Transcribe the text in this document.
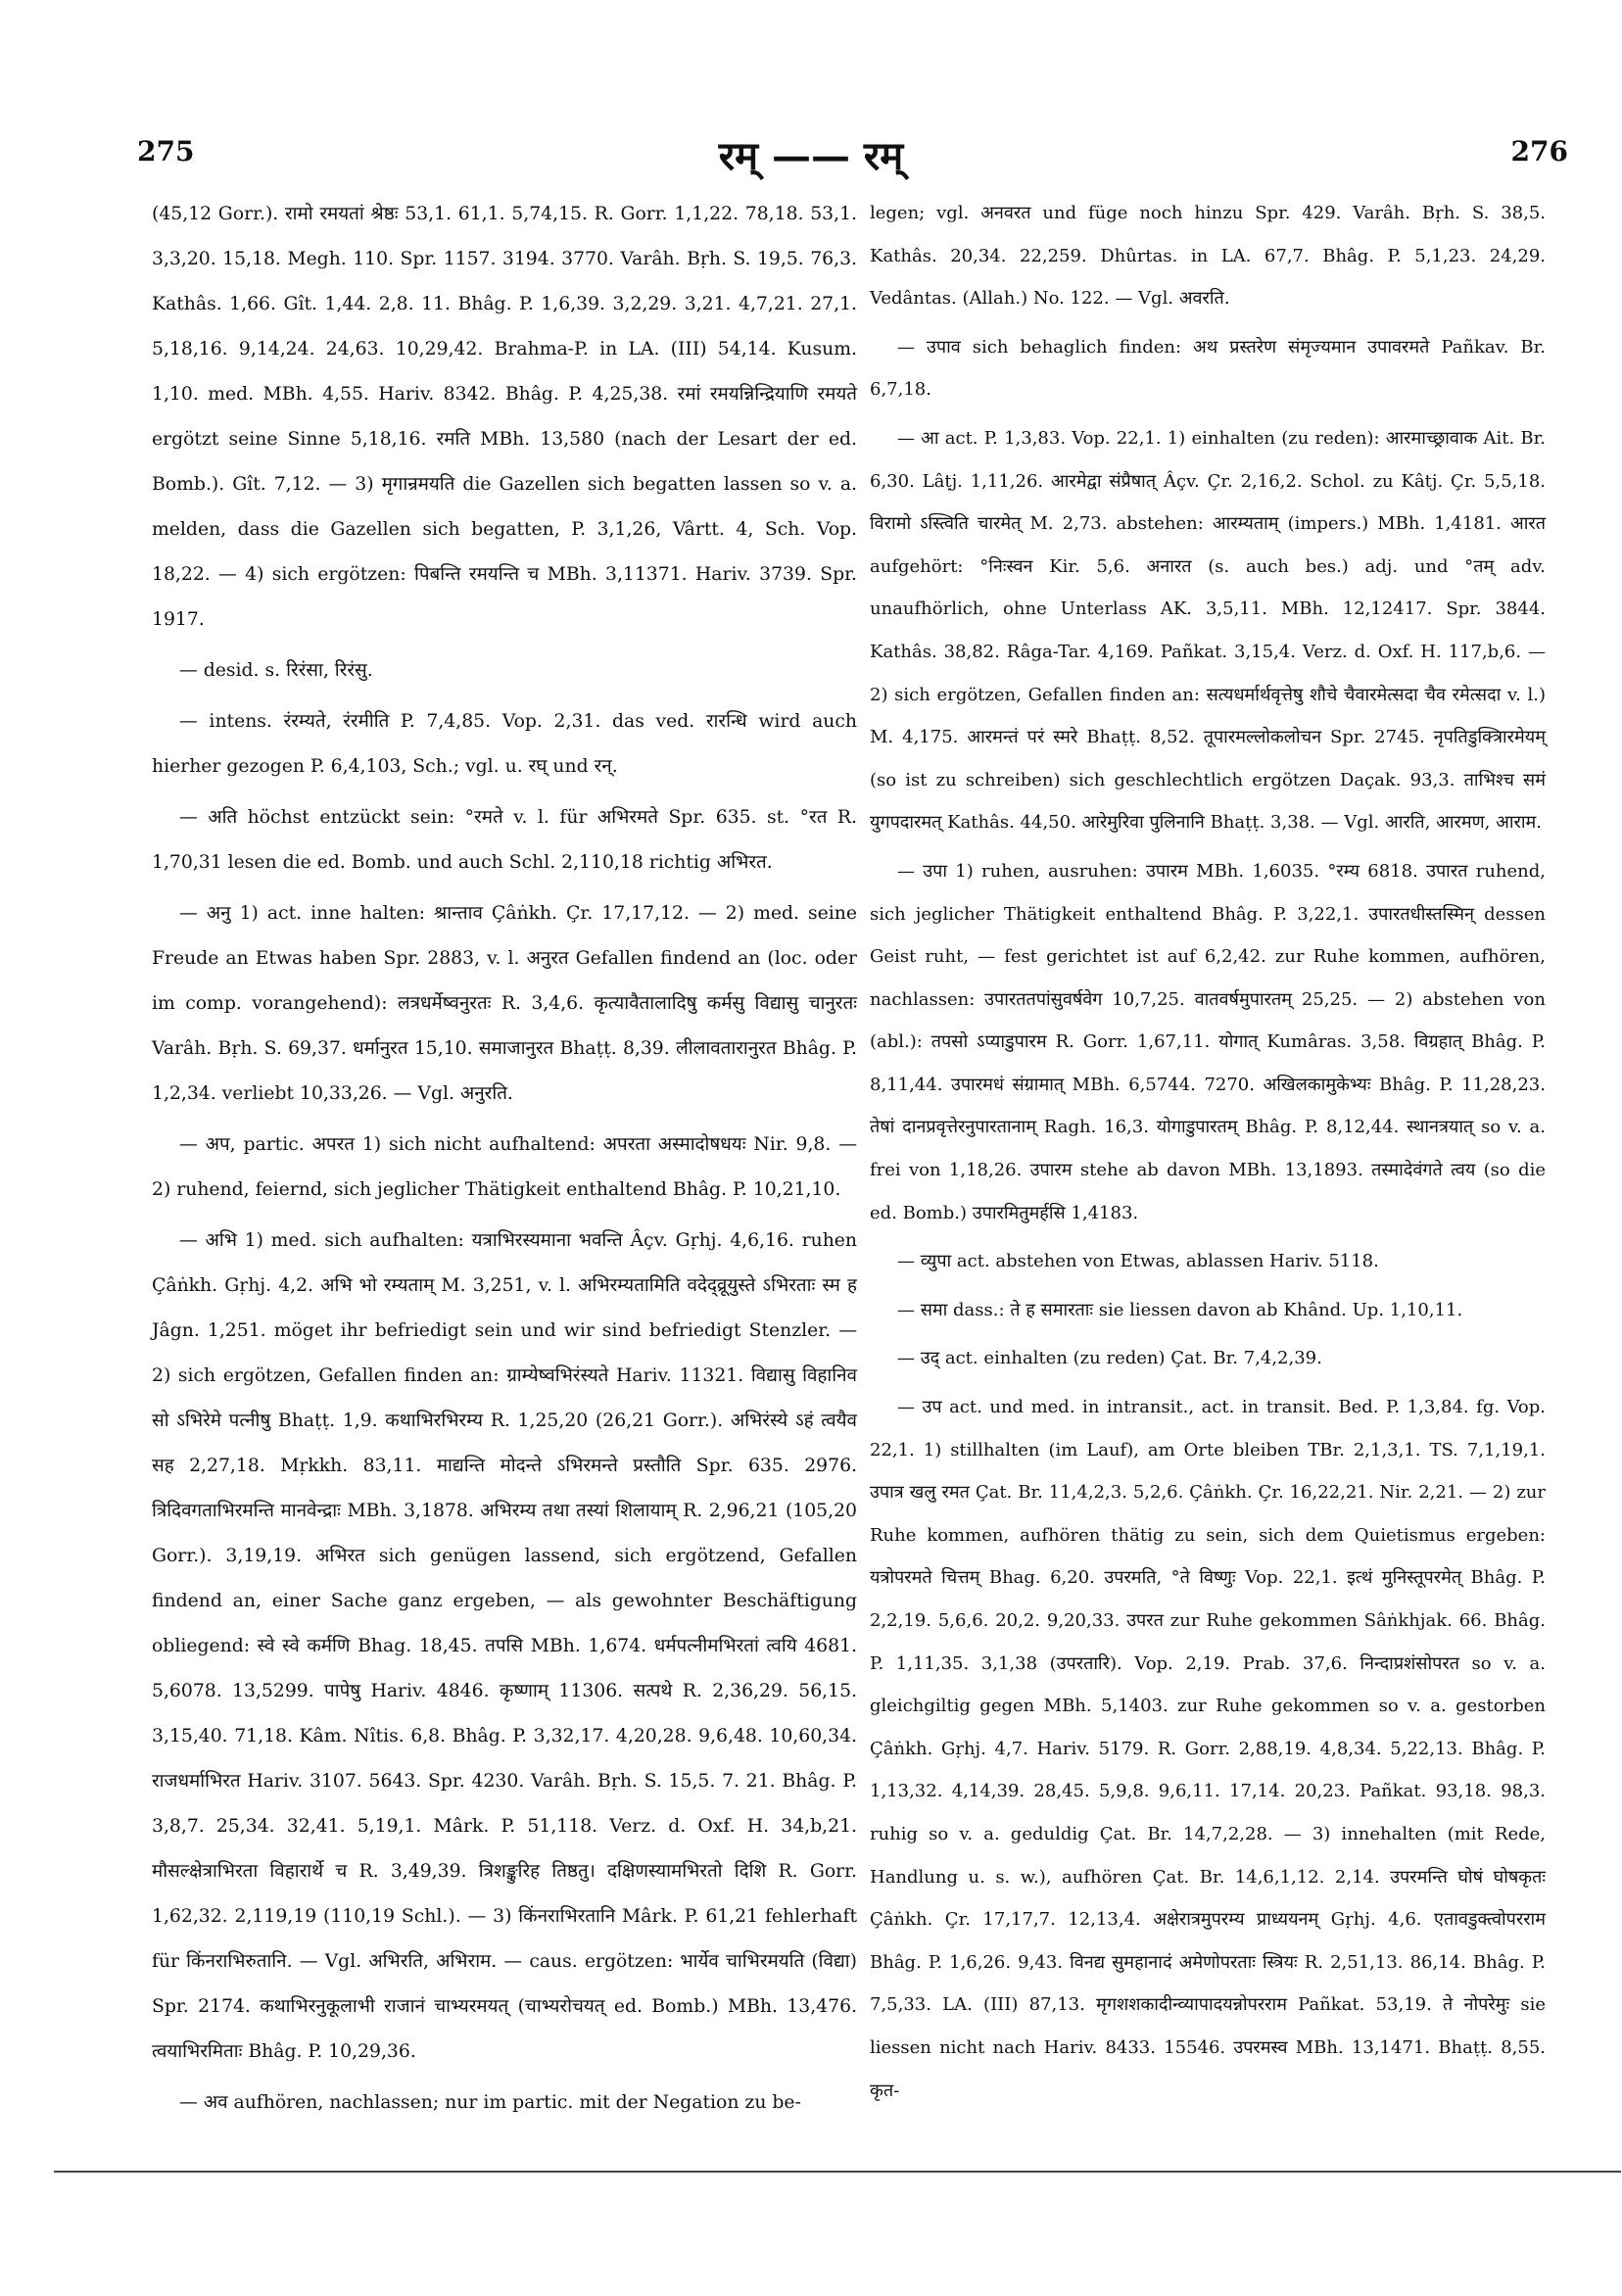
275	रम् —— रम्	276

(45,12 Gorr.). रामो रमयतां श्रेष्ठः 53,1. 61,1. 5,74,15. R. Gorr. 1,1,22. 78,18. 53,1. 3,3,20. 15,18. Megh. 110. Spr. 1157. 3194. 3770. Varâh. Bṛh. S. 19,5. 76,3. Kathâs. 1,66. Gît. 1,44. 2,8. 11. Bhâg. P. 1,6,39. 3,2,29. 3,21. 4,7,21. 27,1. 5,18,16. 9,14,24. 24,63. 10,29,42. Brahma-P. in LA. (III) 54,14. Kusum. 1,10. med. MBh. 4,55. Hariv. 8342. Bhâg. P. 4,25,38. रमां रमयन्निन्द्रियाणि रमयते ergötzt seine Sinne 5,18,16. रमति MBh. 13,580 (nach der Lesart der ed. Bomb.). Gît. 7,12. — 3) मृगान्रमयति die Gazellen sich begatten lassen so v. a. melden, dass die Gazellen sich begatten, P. 3,1,26, Vârtt. 4, Sch. Vop. 18,22. — 4) sich ergötzen: पिबन्ति रमयन्ति च MBh. 3,11371. Hariv. 3739. Spr. 1917.

— desid. s. रिरंसा, रिरंसु.

— intens. रंरम्यते, रंरमीति P. 7,4,85. Vop. 2,31. das ved. रारन्धि wird auch hierher gezogen P. 6,4,103, Sch.; vgl. u. रघ् und रन्.

— अति höchst entzückt sein: °रमते v. l. für अभिरमते Spr. 635. st. °रत R. 1,70,31 lesen die ed. Bomb. und auch Schl. 2,110,18 richtig अभिरत.

— अनु 1) act. inne halten: श्रान्ताव Çâṅkh. Çr. 17,17,12. — 2) med. seine Freude an Etwas haben Spr. 2883, v. l. अनुरत Gefallen findend an (loc. oder im comp. vorangehend): लत्रधर्मेष्वनुरतः R. 3,4,6. कृत्यावैतालादिषु कर्मसु विद्यासु चानुरतः Varâh. Bṛh. S. 69,37. धर्मानुरत 15,10. समाजानुरत Bhaṭṭ. 8,39. लीलावतारानुरत Bhâg. P. 1,2,34. verliebt 10,33,26. — Vgl. अनुरति.

— अप, partic. अपरत 1) sich nicht aufhaltend: अपरता अस्मादोषधयः Nir. 9,8. — 2) ruhend, feiernd, sich jeglicher Thätigkeit enthaltend Bhâg. P. 10,21,10.

— अभि 1) med. sich aufhalten: यत्राभिरस्यमाना भवन्ति Âçv. Gṛhj. 4,6,16. ruhen Çâṅkh. Gṛhj. 4,2. अभि भो रम्यताम् M. 3,251, v. l. अभिरम्यतामिति वदेद्व्रूयुस्ते ऽभिरताः स्म ह Jâgn. 1,251. möget ihr befriedigt sein und wir sind befriedigt Stenzler. — 2) sich ergötzen, Gefallen finden an: ग्राम्येष्वभिरंस्यते Hariv. 11321. विद्यासु विहानिव सो ऽभिरेमे पत्नीषु Bhaṭṭ. 1,9. कथाभिरभिरम्य R. 1,25,20 (26,21 Gorr.). अभिरंस्ये ऽहं त्वयैव सह 2,27,18. Mṛkkh. 83,11. माद्यन्ति मोदन्ते ऽभिरमन्ते प्रस्तौति Spr. 635. 2976. त्रिदिवगताभिरमन्ति मानवेन्द्राः MBh. 3,1878. अभिरम्य तथा तस्यां शिलायाम् R. 2,96,21 (105,20 Gorr.). 3,19,19. अभिरत sich genügen lassend, sich ergötzend, Gefallen findend an, einer Sache ganz ergeben, — als gewohnter Beschäftigung obliegend: स्वे स्वे कर्मणि Bhag. 18,45. तपसि MBh. 1,674. धर्मपत्नीमभिरतां त्वयि 4681. 5,6078. 13,5299. पापेषु Hariv. 4846. कृष्णाम् 11306. सत्पथे R. 2,36,29. 56,15. 3,15,40. 71,18. Kâm. Nîtis. 6,8. Bhâg. P. 3,32,17. 4,20,28. 9,6,48. 10,60,34. राजधर्माभिरत Hariv. 3107. 5643. Spr. 4230. Varâh. Bṛh. S. 15,5. 7. 21. Bhâg. P. 3,8,7. 25,34. 32,41. 5,19,1. Mârk. P. 51,118. Verz. d. Oxf. H. 34,b,21. मौसल्क्षेत्राभिरता विहारार्थे च R. 3,49,39. त्रिशङ्कुरिह तिष्ठतु। दक्षिणस्यामभिरतो दिशि R. Gorr. 1,62,32. 2,119,19 (110,19 Schl.). — 3) किंनराभिरतानि Mârk. P. 61,21 fehlerhaft für किंनराभिरुतानि. — Vgl. अभिरति, अभिराम. — caus. ergötzen: भार्येव चाभिरमयति (विद्या) Spr. 2174. कथाभिरनुकूलाभी राजानं चाभ्यरमयत् (चाभ्यरोचयत् ed. Bomb.) MBh. 13,476. त्वयाभिरमिताः Bhâg. P. 10,29,36.

— अव aufhören, nachlassen; nur im partic. mit der Negation zu be-

legen; vgl. अनवरत und füge noch hinzu Spr. 429. Varâh. Bṛh. S. 38,5. Kathâs. 20,34. 22,259. Dhûrtas. in LA. 67,7. Bhâg. P. 5,1,23. 24,29. Vedântas. (Allah.) No. 122. — Vgl. अवरति.

— उपाव sich behaglich finden: अथ प्रस्तरेण संमृज्यमान उपावरमते Pañkav. Br. 6,7,18.

— आ act. P. 1,3,83. Vop. 22,1. 1) einhalten (zu reden): आरमाच्छ्रावाक Ait. Br. 6,30. Lâṭj. 1,11,26. आरमेद्वा संप्रैषात् Âçv. Çr. 2,16,2. Schol. zu Kâtj. Çr. 5,5,18. विरामो ऽस्त्विति चारमेत् M. 2,73. abstehen: आरम्यताम् (impers.) MBh. 1,4181. आरत aufgehört: °निःस्वन Kir. 5,6. अनारत (s. auch bes.) adj. und °तम् adv. unaufhörlich, ohne Unterlass AK. 3,5,11. MBh. 12,12417. Spr. 3844. Kathâs. 38,82. Râga-Tar. 4,169. Pañkat. 3,15,4. Verz. d. Oxf. H. 117,b,6. — 2) sich ergötzen, Gefallen finden an: सत्यधर्मार्थवृत्तेषु शौचे चैवारमेत्सदा चैव रमेत्सदा v. l.) M. 4,175. आरमन्तं परं स्मरे Bhaṭṭ. 8,52. तूपारमल्लोकलोचन Spr. 2745. नृपतिडुक्त्रिारमेयम् (so ist zu schreiben) sich geschlechtlich ergötzen Daçak. 93,3. ताभिश्च समं युगपदारमत् Kathâs. 44,50. आरेमुरिवा पुलिनानि Bhaṭṭ. 3,38. — Vgl. आरति, आरमण, आराम.

— उपा 1) ruhen, ausruhen: उपारम MBh. 1,6035. °रम्य 6818. उपारत ruhend, sich jeglicher Thätigkeit enthaltend Bhâg. P. 3,22,1. उपारतधीस्तस्मिन् dessen Geist ruht, — fest gerichtet ist auf 6,2,42. zur Ruhe kommen, aufhören, nachlassen: उपारततपांसुवर्षवेग 10,7,25. वातवर्षमुपारतम् 25,25. — 2) abstehen von (abl.): तपसो ऽप्याडुपारम R. Gorr. 1,67,11. योगात् Kumâras. 3,58. विग्रहात् Bhâg. P. 8,11,44. उपारमधं संग्रामात् MBh. 6,5744. 7270. अखिलकामुकेभ्यः Bhâg. P. 11,28,23. तेषां दानप्रवृत्तेरनुपारतानाम् Ragh. 16,3. योगाडुपारतम् Bhâg. P. 8,12,44. स्थानत्रयात् so v. a. frei von 1,18,26. उपारम stehe ab davon MBh. 13,1893. तस्मादेवंगते त्वय (so die ed. Bomb.) उपारमितुमर्हसि 1,4183.

— व्युपा act. abstehen von Etwas, ablassen Hariv. 5118.

— समा dass.: ते ह समारताः sie liessen davon ab Khând. Up. 1,10,11.

— उद् act. einhalten (zu reden) Çat. Br. 7,4,2,39.

— उप act. und med. in intransit., act. in transit. Bed. P. 1,3,84. fg. Vop. 22,1. 1) stillhalten (im Lauf), am Orte bleiben TBr. 2,1,3,1. TS. 7,1,19,1. उपात्र खलु रमत Çat. Br. 11,4,2,3. 5,2,6. Çâṅkh. Çr. 16,22,21. Nir. 2,21. — 2) zur Ruhe kommen, aufhören thätig zu sein, sich dem Quietismus ergeben: यत्रोपरमते चित्तम् Bhag. 6,20. उपरमति, °ते विष्णुः Vop. 22,1. इत्थं मुनिस्तूपरमेत् Bhâg. P. 2,2,19. 5,6,6. 20,2. 9,20,33. उपरत zur Ruhe gekommen Sâṅkhjak. 66. Bhâg. P. 1,11,35. 3,1,38 (उपरतारि). Vop. 2,19. Prab. 37,6. निन्दाप्रशंसोपरत so v. a. gleichgiltig gegen MBh. 5,1403. zur Ruhe gekommen so v. a. gestorben Çâṅkh. Gṛhj. 4,7. Hariv. 5179. R. Gorr. 2,88,19. 4,8,34. 5,22,13. Bhâg. P. 1,13,32. 4,14,39. 28,45. 5,9,8. 9,6,11. 17,14. 20,23. Pañkat. 93,18. 98,3. ruhig so v. a. geduldig Çat. Br. 14,7,2,28. — 3) innehalten (mit Rede, Handlung u. s. w.), aufhören Çat. Br. 14,6,1,12. 2,14. उपरमन्ति घोषं घोषकृतः Çâṅkh. Çr. 17,17,7. 12,13,4. अक्षेरात्रमुपरम्य प्राध्ययनम् Gṛhj. 4,6. एतावडुक्त्वोपरराम Bhâg. P. 1,6,26. 9,43. विनद्य सुमहानादं अमेणोपरताः स्त्रियः R. 2,51,13. 86,14. Bhâg. P. 7,5,33. LA. (III) 87,13. मृगशशकादीन्व्यापादयन्नोपरराम Pañkat. 53,19. ते नोपरेमुः sie liessen nicht nach Hariv. 8433. 15546. उपरमस्व MBh. 13,1471. Bhaṭṭ. 8,55. कृत-
